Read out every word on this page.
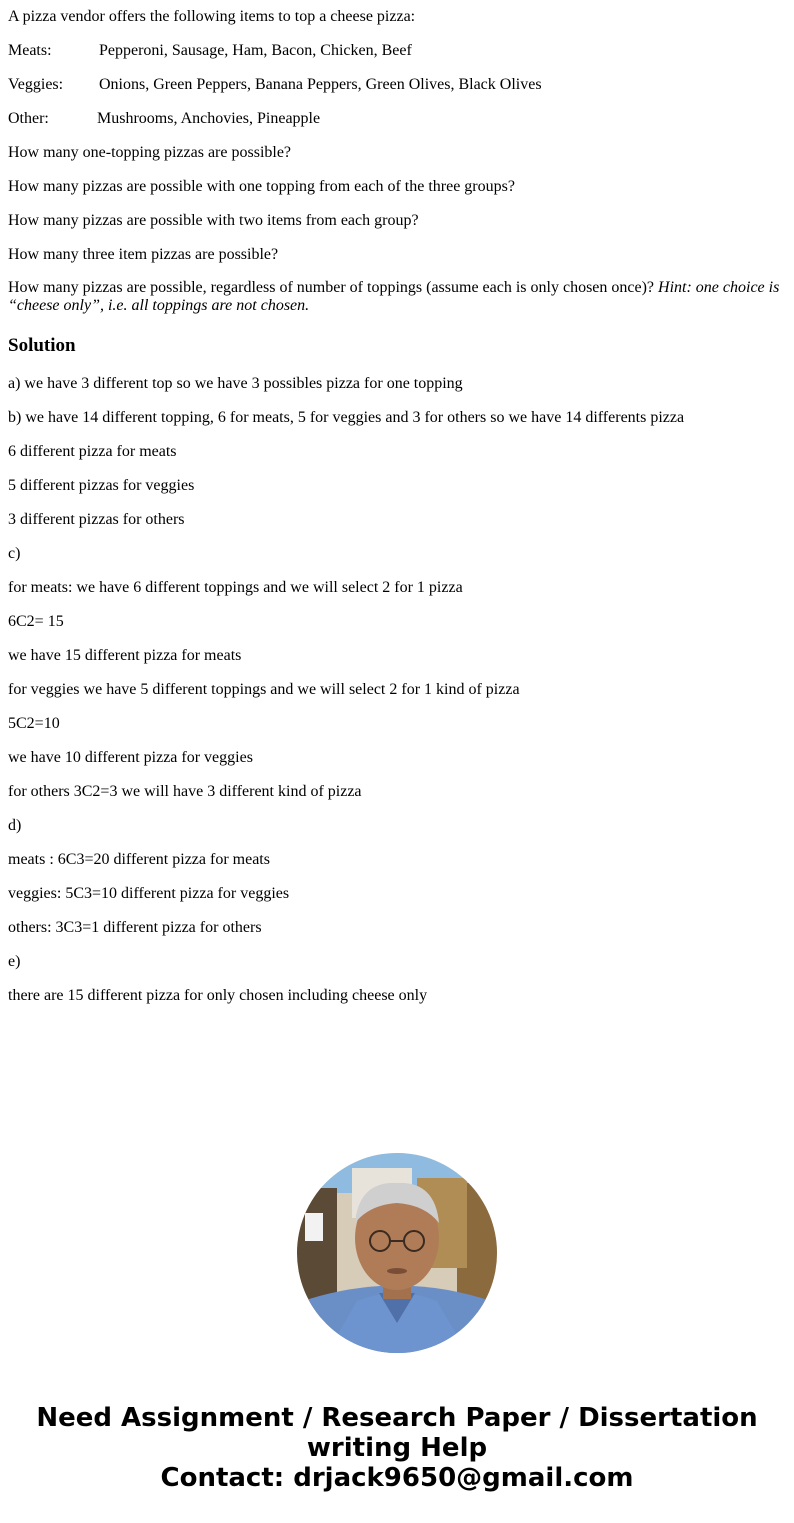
A pizza vendor offers the following items to top a cheese pizza:

Meats:	Pepperoni, Sausage, Ham, Bacon, Chicken, Beef

Veggies: Onions, Green Peppers, Banana Peppers, Green Olives, Black Olives

Other:	Mushrooms, Anchovies, Pineapple

How many one-topping pizzas are possible?

How many pizzas are possible with one topping from each of the three groups?

How many pizzas are possible with two items from each group?

How many three item pizzas are possible?

How many pizzas are possible, regardless of number of toppings (assume each is only chosen once)? Hint: one choice is “cheese only”, i.e. all toppings are not chosen.

Solution

a) we have 3 different top so we have 3 possibles pizza for one topping

b) we have 14 different topping, 6 for meats, 5 for veggies and 3 for others so we have 14 differents pizza

6 different pizza for meats

5 different pizzas for veggies

3 different pizzas for others

c)

for meats: we have 6 different toppings and we will select 2 for 1 pizza

6C2= 15

we have 15 different pizza for meats

for veggies we have 5 different toppings and we will select 2 for 1 kind of pizza

5C2=10

we have 10 different pizza for veggies

for others 3C2=3 we will have 3 different kind of pizza

d)

meats : 6C3=20 different pizza for meats

veggies: 5C3=10 different pizza for veggies

others: 3C3=1 different pizza for others

e)

there are 15 different pizza for only chosen including cheese only

Need Assignment / Research Paper / Dissertation
writing Help
Contact: drjack9650@gmail.com
